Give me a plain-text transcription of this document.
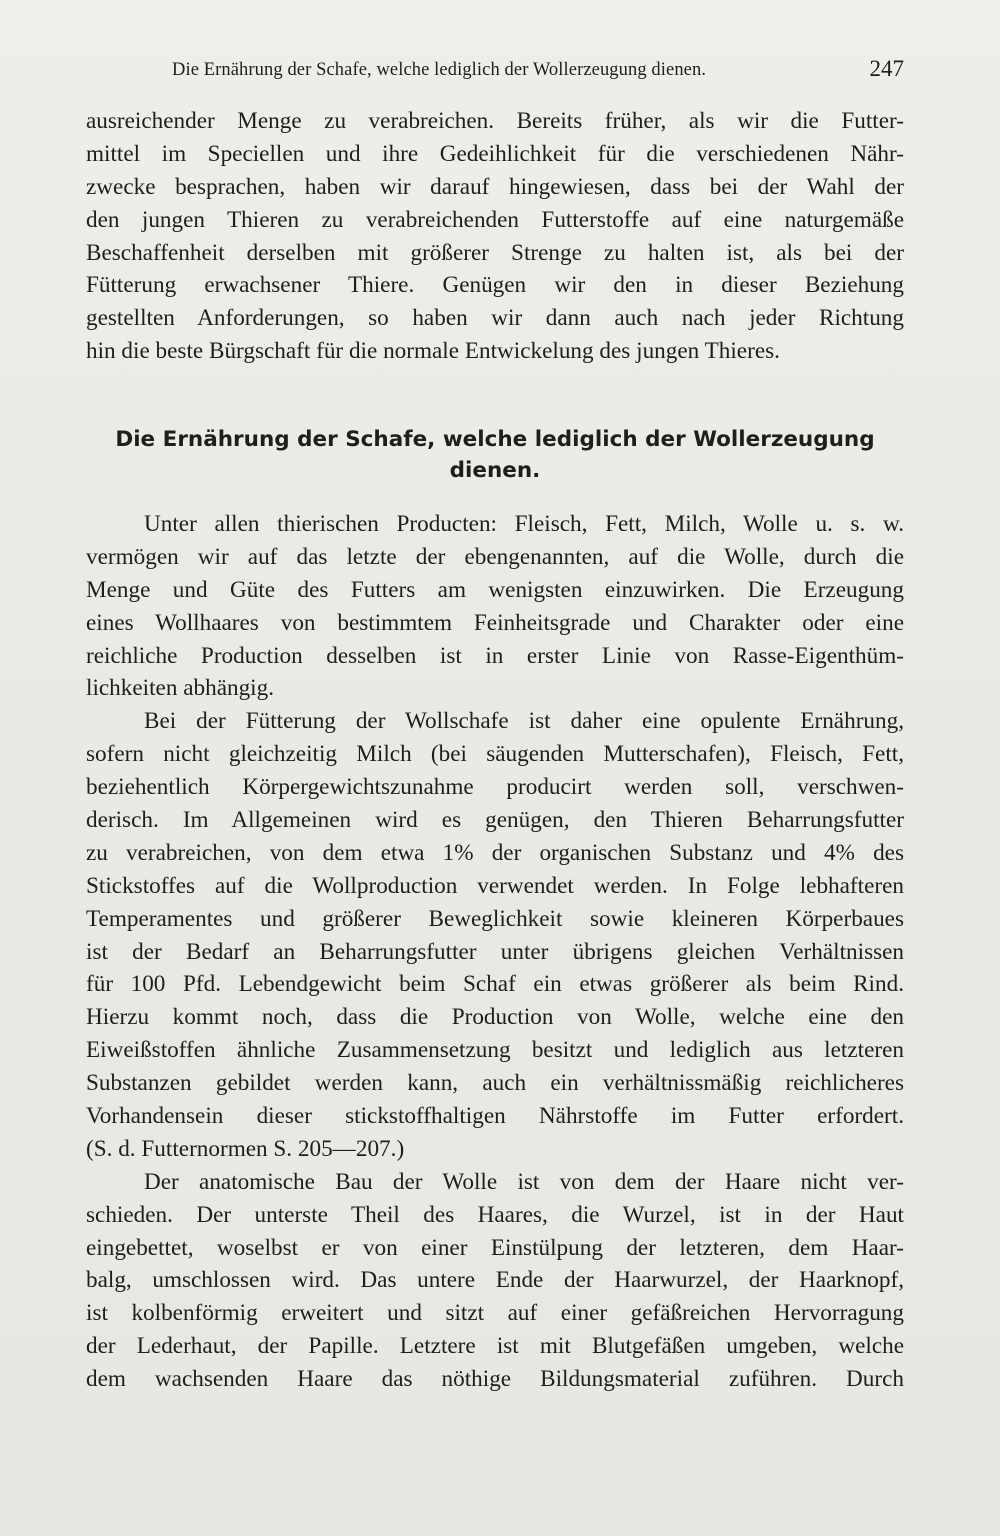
Die Ernährung der Schafe, welche lediglich der Wollerzeugung dienen.	247
ausreichender Menge zu verabreichen. Bereits früher, als wir die Futter-
mittel im Speciellen und ihre Gedeihlichkeit für die verschiedenen Nähr-
zwecke besprachen, haben wir darauf hingewiesen, dass bei der Wahl der
den jungen Thieren zu verabreichenden Futterstoffe auf eine naturgemäße
Beschaffenheit derselben mit größerer Strenge zu halten ist, als bei der
Fütterung erwachsener Thiere. Genügen wir den in dieser Beziehung
gestellten Anforderungen, so haben wir dann auch nach jeder Richtung
hin die beste Bürgschaft für die normale Entwickelung des jungen Thieres.
Die Ernährung der Schafe, welche lediglich der Wollerzeugung
dienen.
Unter allen thierischen Producten: Fleisch, Fett, Milch, Wolle u. s. w.
vermögen wir auf das letzte der ebengenannten, auf die Wolle, durch die
Menge und Güte des Futters am wenigsten einzuwirken. Die Erzeugung
eines Wollhaares von bestimmtem Feinheitsgrade und Charakter oder eine
reichliche Production desselben ist in erster Linie von Rasse-Eigenthüm-
lichkeiten abhängig.
Bei der Fütterung der Wollschafe ist daher eine opulente Ernährung,
sofern nicht gleichzeitig Milch (bei säugenden Mutterschafen), Fleisch, Fett,
beziehentlich Körpergewichtszunahme producirt werden soll, verschwen-
derisch. Im Allgemeinen wird es genügen, den Thieren Beharrungsfutter
zu verabreichen, von dem etwa 1% der organischen Substanz und 4% des
Stickstoffes auf die Wollproduction verwendet werden. In Folge lebhafteren
Temperamentes und größerer Beweglichkeit sowie kleineren Körperbaues
ist der Bedarf an Beharrungsfutter unter übrigens gleichen Verhältnissen
für 100 Pfd. Lebendgewicht beim Schaf ein etwas größerer als beim Rind.
Hierzu kommt noch, dass die Production von Wolle, welche eine den
Eiweißstoffen ähnliche Zusammensetzung besitzt und lediglich aus letzteren
Substanzen gebildet werden kann, auch ein verhältnissmäßig reichlicheres
Vorhandensein dieser stickstoffhaltigen Nährstoffe im Futter erfordert.
(S. d. Futternormen S. 205—207.)
Der anatomische Bau der Wolle ist von dem der Haare nicht ver-
schieden. Der unterste Theil des Haares, die Wurzel, ist in der Haut
eingebettet, woselbst er von einer Einstülpung der letzteren, dem Haar-
balg, umschlossen wird. Das untere Ende der Haarwurzel, der Haarknopf,
ist kolbenförmig erweitert und sitzt auf einer gefäßreichen Hervorragung
der Lederhaut, der Papille. Letztere ist mit Blutgefäßen umgeben, welche
dem wachsenden Haare das nöthige Bildungsmaterial zuführen. Durch
